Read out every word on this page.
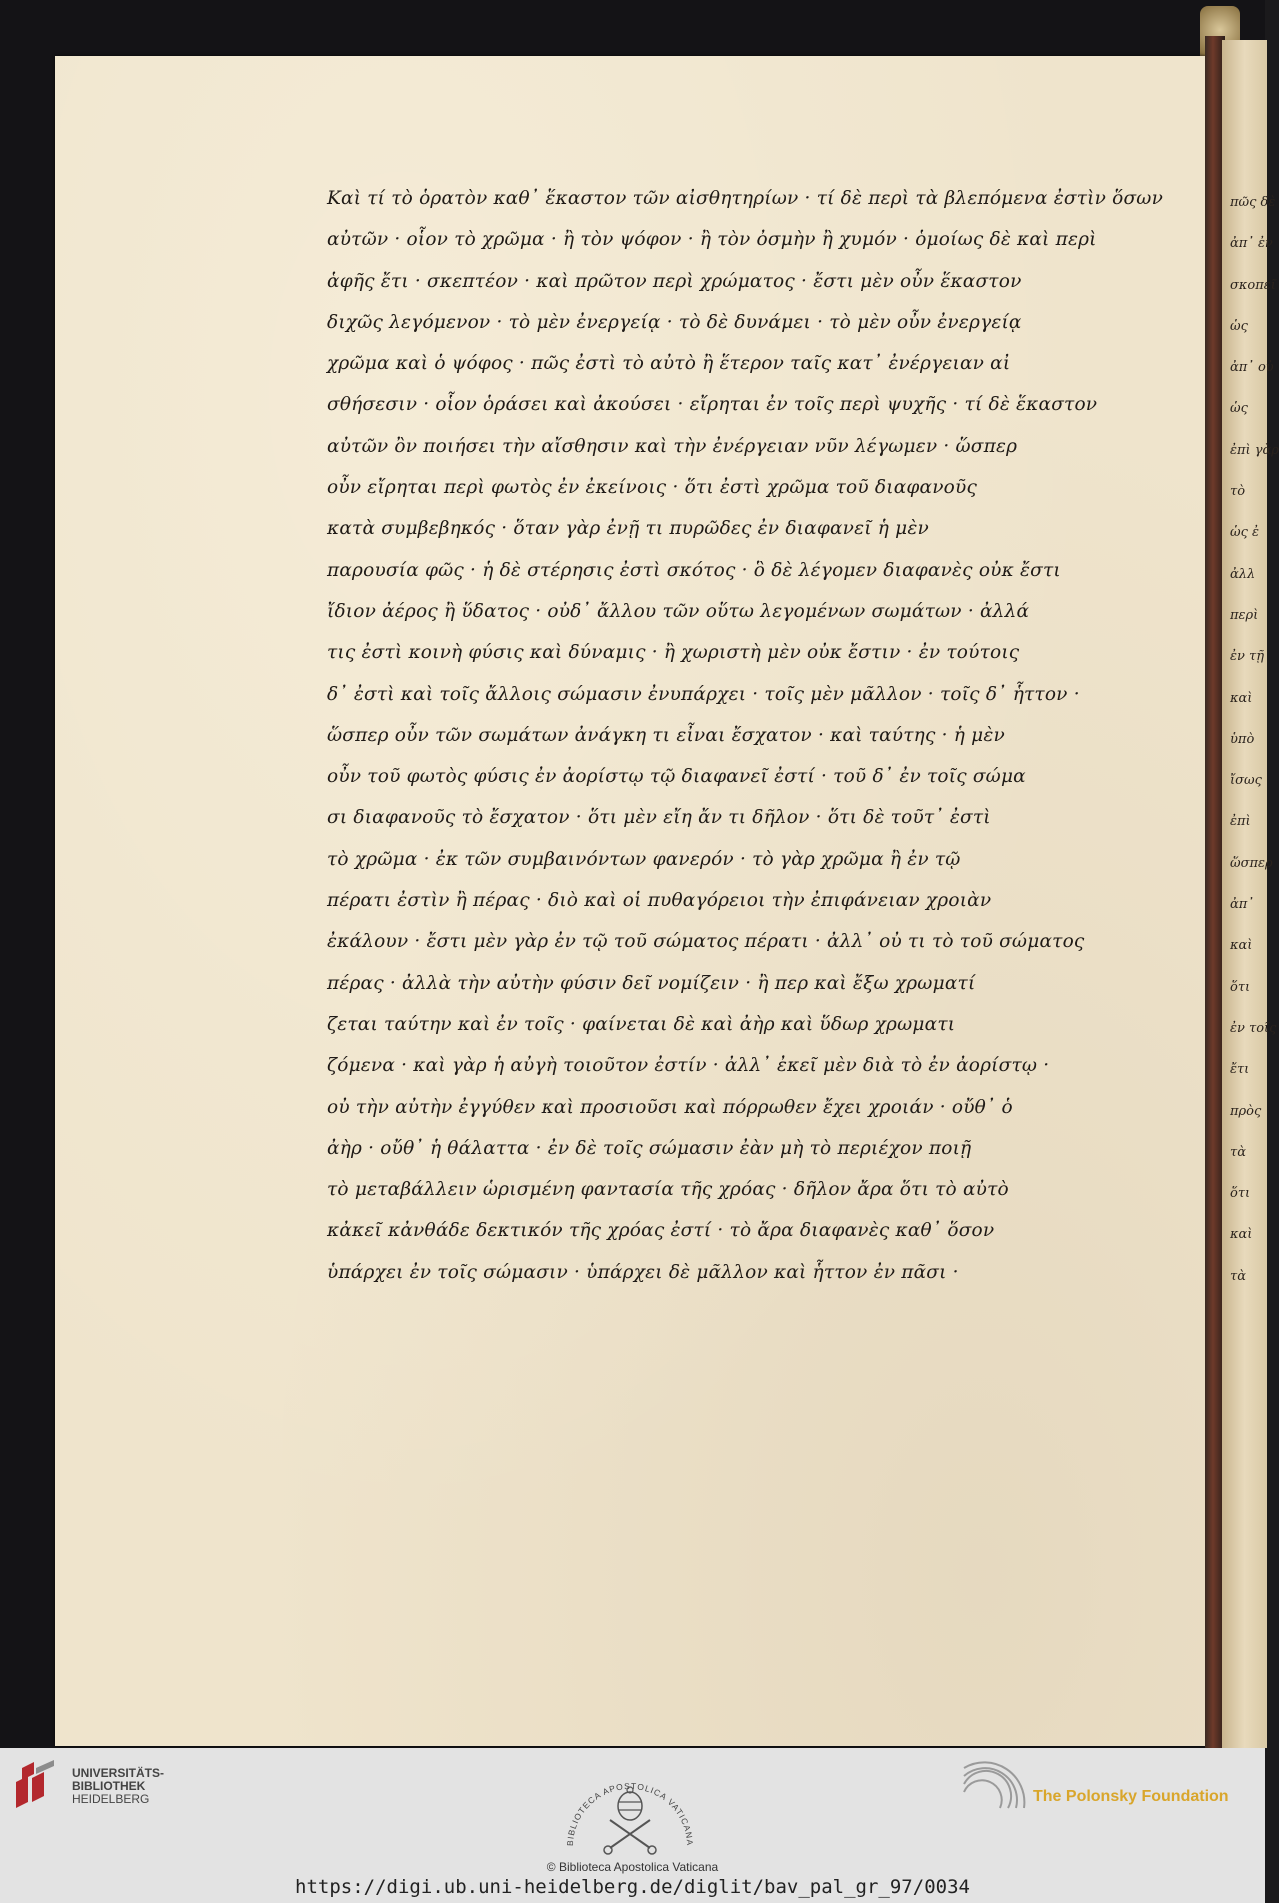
Καὶ τί τὸ ὁρατὸν καθ᾽ ἕκαστον τῶν αἰσθητηρίων · τί δὲ περὶ τὰ βλεπόμενα ἐστὶν ὅσων
αὐτῶν · οἷον τὸ χρῶμα · ἢ τὸν ψόφον · ἢ τὸν ὀσμὴν ἢ χυμόν · ὁμοίως δὲ καὶ περὶ
ἁφῆς ἔτι · σκεπτέον · καὶ πρῶτον περὶ χρώματος · ἔστι μὲν οὖν ἕκαστον
διχῶς λεγόμενον · τὸ μὲν ἐνεργείᾳ · τὸ δὲ δυνάμει · τὸ μὲν οὖν ἐνεργείᾳ
χρῶμα καὶ ὁ ψόφος · πῶς ἐστὶ τὸ αὐτὸ ἢ ἕτερον ταῖς κατ᾽ ἐνέργειαν αἰ
σθήσεσιν · οἷον ὁράσει καὶ ἀκούσει · εἴρηται ἐν τοῖς περὶ ψυχῆς · τί δὲ ἕκαστον
αὐτῶν ὂν ποιήσει τὴν αἴσθησιν καὶ τὴν ἐνέργειαν νῦν λέγωμεν · ὥσπερ
οὖν εἴρηται περὶ φωτὸς ἐν ἐκείνοις · ὅτι ἐστὶ χρῶμα τοῦ διαφανοῦς
κατὰ συμβεβηκός · ὅταν γὰρ ἐνῇ τι πυρῶδες ἐν διαφανεῖ ἡ μὲν
παρουσία φῶς · ἡ δὲ στέρησις ἐστὶ σκότος · ὃ δὲ λέγομεν διαφανὲς οὐκ ἔστι
ἴδιον ἀέρος ἢ ὕδατος · οὐδ᾽ ἄλλου τῶν οὕτω λεγομένων σωμάτων · ἀλλά
τις ἐστὶ κοινὴ φύσις καὶ δύναμις · ἢ χωριστὴ μὲν οὐκ ἔστιν · ἐν τούτοις
δ᾽ ἐστὶ καὶ τοῖς ἄλλοις σώμασιν ἐνυπάρχει · τοῖς μὲν μᾶλλον · τοῖς δ᾽ ἧττον ·
ὥσπερ οὖν τῶν σωμάτων ἀνάγκη τι εἶναι ἔσχατον · καὶ ταύτης · ἡ μὲν
οὖν τοῦ φωτὸς φύσις ἐν ἀορίστῳ τῷ διαφανεῖ ἐστί · τοῦ δ᾽ ἐν τοῖς σώμα
σι διαφανοῦς τὸ ἔσχατον · ὅτι μὲν εἴη ἄν τι δῆλον · ὅτι δὲ τοῦτ᾽ ἐστὶ
τὸ χρῶμα · ἐκ τῶν συμβαινόντων φανερόν · τὸ γὰρ χρῶμα ἢ ἐν τῷ
πέρατι ἐστὶν ἢ πέρας · διὸ καὶ οἱ πυθαγόρειοι τὴν ἐπιφάνειαν χροιὰν
ἐκάλουν · ἔστι μὲν γὰρ ἐν τῷ τοῦ σώματος πέρατι · ἀλλ᾽ οὐ τι τὸ τοῦ σώματος
πέρας · ἀλλὰ τὴν αὐτὴν φύσιν δεῖ νομίζειν · ἢ περ καὶ ἔξω χρωματί
ζεται ταύτην καὶ ἐν τοῖς · φαίνεται δὲ καὶ ἀὴρ καὶ ὕδωρ χρωματι
ζόμενα · καὶ γὰρ ἡ αὐγὴ τοιοῦτον ἐστίν · ἀλλ᾽ ἐκεῖ μὲν διὰ τὸ ἐν ἀορίστῳ ·
οὐ τὴν αὐτὴν ἐγγύθεν καὶ προσιοῦσι καὶ πόρρωθεν ἔχει χροιάν · οὔθ᾽ ὁ
ἀὴρ · οὔθ᾽ ἡ θάλαττα · ἐν δὲ τοῖς σώμασιν ἐὰν μὴ τὸ περιέχον ποιῇ
τὸ μεταβάλλειν ὡρισμένη φαντασία τῆς χρόας · δῆλον ἄρα ὅτι τὸ αὐτὸ
κἀκεῖ κἀνθάδε δεκτικόν τῆς χρόας ἐστί · τὸ ἄρα διαφανὲς καθ᾽ ὅσον
ὑπάρχει ἐν τοῖς σώμασιν · ὑπάρχει δὲ μᾶλλον καὶ ἧττον ἐν πᾶσι ·
πῶς δὲ
ἀπ᾽ ἐν
σκοπεῖ
ὡς
ἀπ᾽ οὐ
ὡς
ἐπὶ γὰρ
τὸ
ὡς ἐ
ἀλλ
περὶ
ἐν τῇ
καὶ
ὑπὸ
ἴσως
ἐπὶ
ὥσπερ
ἀπ᾽
καὶ
ὅτι
ἐν τοῖς
ἔτι
πρὸς
τὰ
ὅτι
καὶ
τὰ
UNIVERSITÄTS-
BIBLIOTHEK
HEIDELBERG
BIBLIOTECA APOSTOLICA VATICANA
© Biblioteca Apostolica Vaticana
https://digi.ub.uni-heidelberg.de/diglit/bav_pal_gr_97/0034
The Polonsky Foundation
